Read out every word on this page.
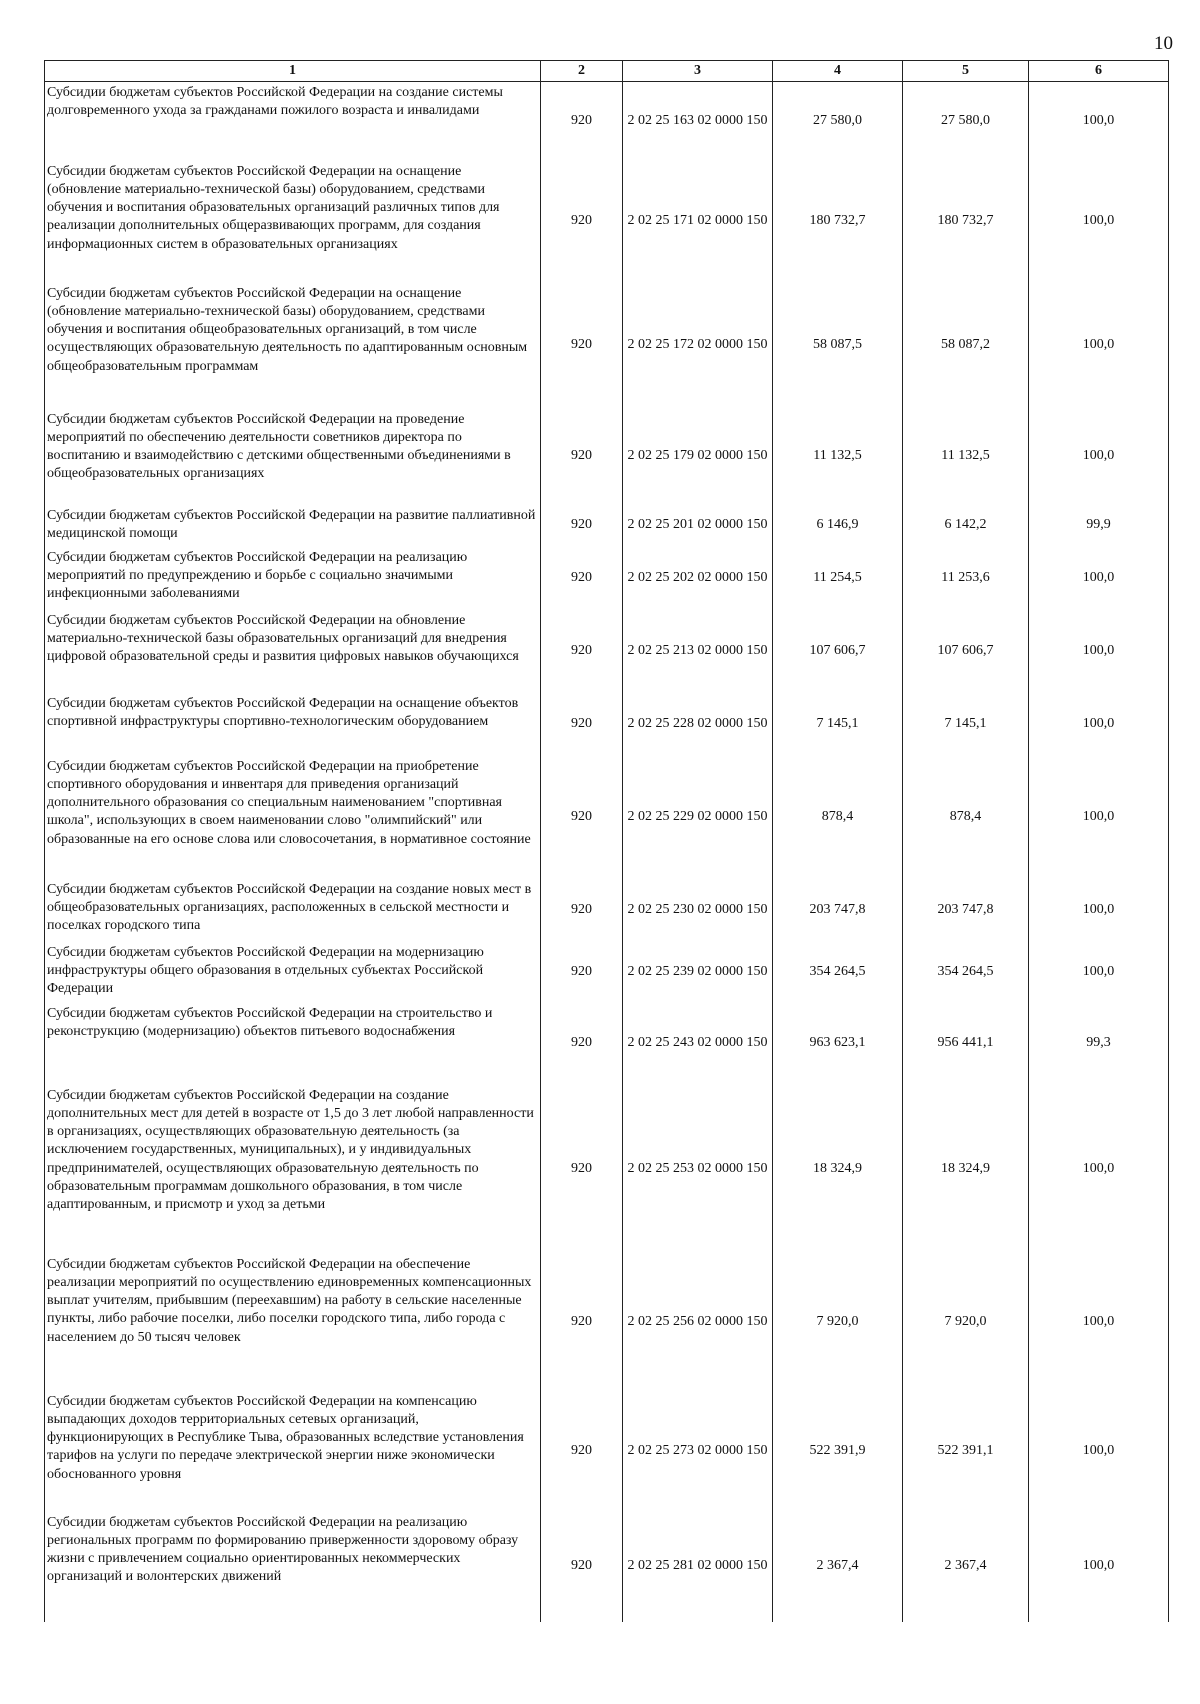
10
1	2	3	4	5	6
Субсидии бюджетам субъектов Российской Федерации на создание системы долговременного ухода за гражданами пожилого возраста и инвалидами	920	2 02 25 163 02 0000 150	27 580,0	27 580,0	100,0
Субсидии бюджетам субъектов Российской Федерации на оснащение (обновление материально-технической базы) оборудованием, средствами обучения и воспитания образовательных организаций различных типов для реализации дополнительных общеразвивающих программ, для создания информационных систем в образовательных организациях	920	2 02 25 171 02 0000 150	180 732,7	180 732,7	100,0
Субсидии бюджетам субъектов Российской Федерации на оснащение (обновление материально-технической базы) оборудованием, средствами обучения и воспитания общеобразовательных организаций, в том числе осуществляющих образовательную деятельность по адаптированным основным общеобразовательным программам	920	2 02 25 172 02 0000 150	58 087,5	58 087,2	100,0
Субсидии бюджетам субъектов Российской Федерации на проведение мероприятий по обеспечению деятельности советников директора по воспитанию и взаимодействию с детскими общественными объединениями в общеобразовательных организациях	920	2 02 25 179 02 0000 150	11 132,5	11 132,5	100,0
Субсидии бюджетам субъектов Российской Федерации на развитие паллиативной медицинской помощи	920	2 02 25 201 02 0000 150	6 146,9	6 142,2	99,9
Субсидии бюджетам субъектов Российской Федерации на реализацию мероприятий по предупреждению и борьбе с социально значимыми инфекционными заболеваниями	920	2 02 25 202 02 0000 150	11 254,5	11 253,6	100,0
Субсидии бюджетам субъектов Российской Федерации на обновление материально-технической базы образовательных организаций для внедрения цифровой образовательной среды и развития цифровых навыков обучающихся	920	2 02 25 213 02 0000 150	107 606,7	107 606,7	100,0
Субсидии бюджетам субъектов Российской Федерации на оснащение объектов спортивной инфраструктуры спортивно-технологическим оборудованием	920	2 02 25 228 02 0000 150	7 145,1	7 145,1	100,0
Субсидии бюджетам субъектов Российской Федерации на приобретение спортивного оборудования и инвентаря для приведения организаций дополнительного образования со специальным наименованием "спортивная школа", использующих в своем наименовании слово "олимпийский" или образованные на его основе слова или словосочетания, в нормативное состояние	920	2 02 25 229 02 0000 150	878,4	878,4	100,0
Субсидии бюджетам субъектов Российской Федерации на создание новых мест в общеобразовательных организациях, расположенных в сельской местности и поселках городского типа	920	2 02 25 230 02 0000 150	203 747,8	203 747,8	100,0
Субсидии бюджетам субъектов Российской Федерации на модернизацию инфраструктуры общего образования в отдельных субъектах Российской Федерации	920	2 02 25 239 02 0000 150	354 264,5	354 264,5	100,0
Субсидии бюджетам субъектов Российской Федерации на строительство и реконструкцию (модернизацию) объектов питьевого водоснабжения	920	2 02 25 243 02 0000 150	963 623,1	956 441,1	99,3
Субсидии бюджетам субъектов Российской Федерации на создание дополнительных мест для детей в возрасте от 1,5 до 3 лет любой направленности в организациях, осуществляющих образовательную деятельность (за исключением государственных, муниципальных), и у индивидуальных предпринимателей, осуществляющих образовательную деятельность по образовательным программам дошкольного образования, в том числе адаптированным, и присмотр и уход за детьми	920	2 02 25 253 02 0000 150	18 324,9	18 324,9	100,0
Субсидии бюджетам субъектов Российской Федерации на обеспечение реализации мероприятий по осуществлению единовременных компенсационных выплат учителям, прибывшим (переехавшим) на работу в сельские населенные пункты, либо рабочие поселки, либо поселки городского типа, либо города с населением до 50 тысяч человек	920	2 02 25 256 02 0000 150	7 920,0	7 920,0	100,0
Субсидии бюджетам субъектов Российской Федерации на компенсацию выпадающих доходов территориальных сетевых организаций, функционирующих в Республике Тыва, образованных вследствие установления тарифов на услуги по передаче электрической энергии ниже экономически обоснованного уровня	920	2 02 25 273 02 0000 150	522 391,9	522 391,1	100,0
Субсидии бюджетам субъектов Российской Федерации на реализацию региональных программ по формированию приверженности здоровому образу жизни с привлечением социально ориентированных некоммерческих организаций и волонтерских движений	920	2 02 25 281 02 0000 150	2 367,4	2 367,4	100,0
